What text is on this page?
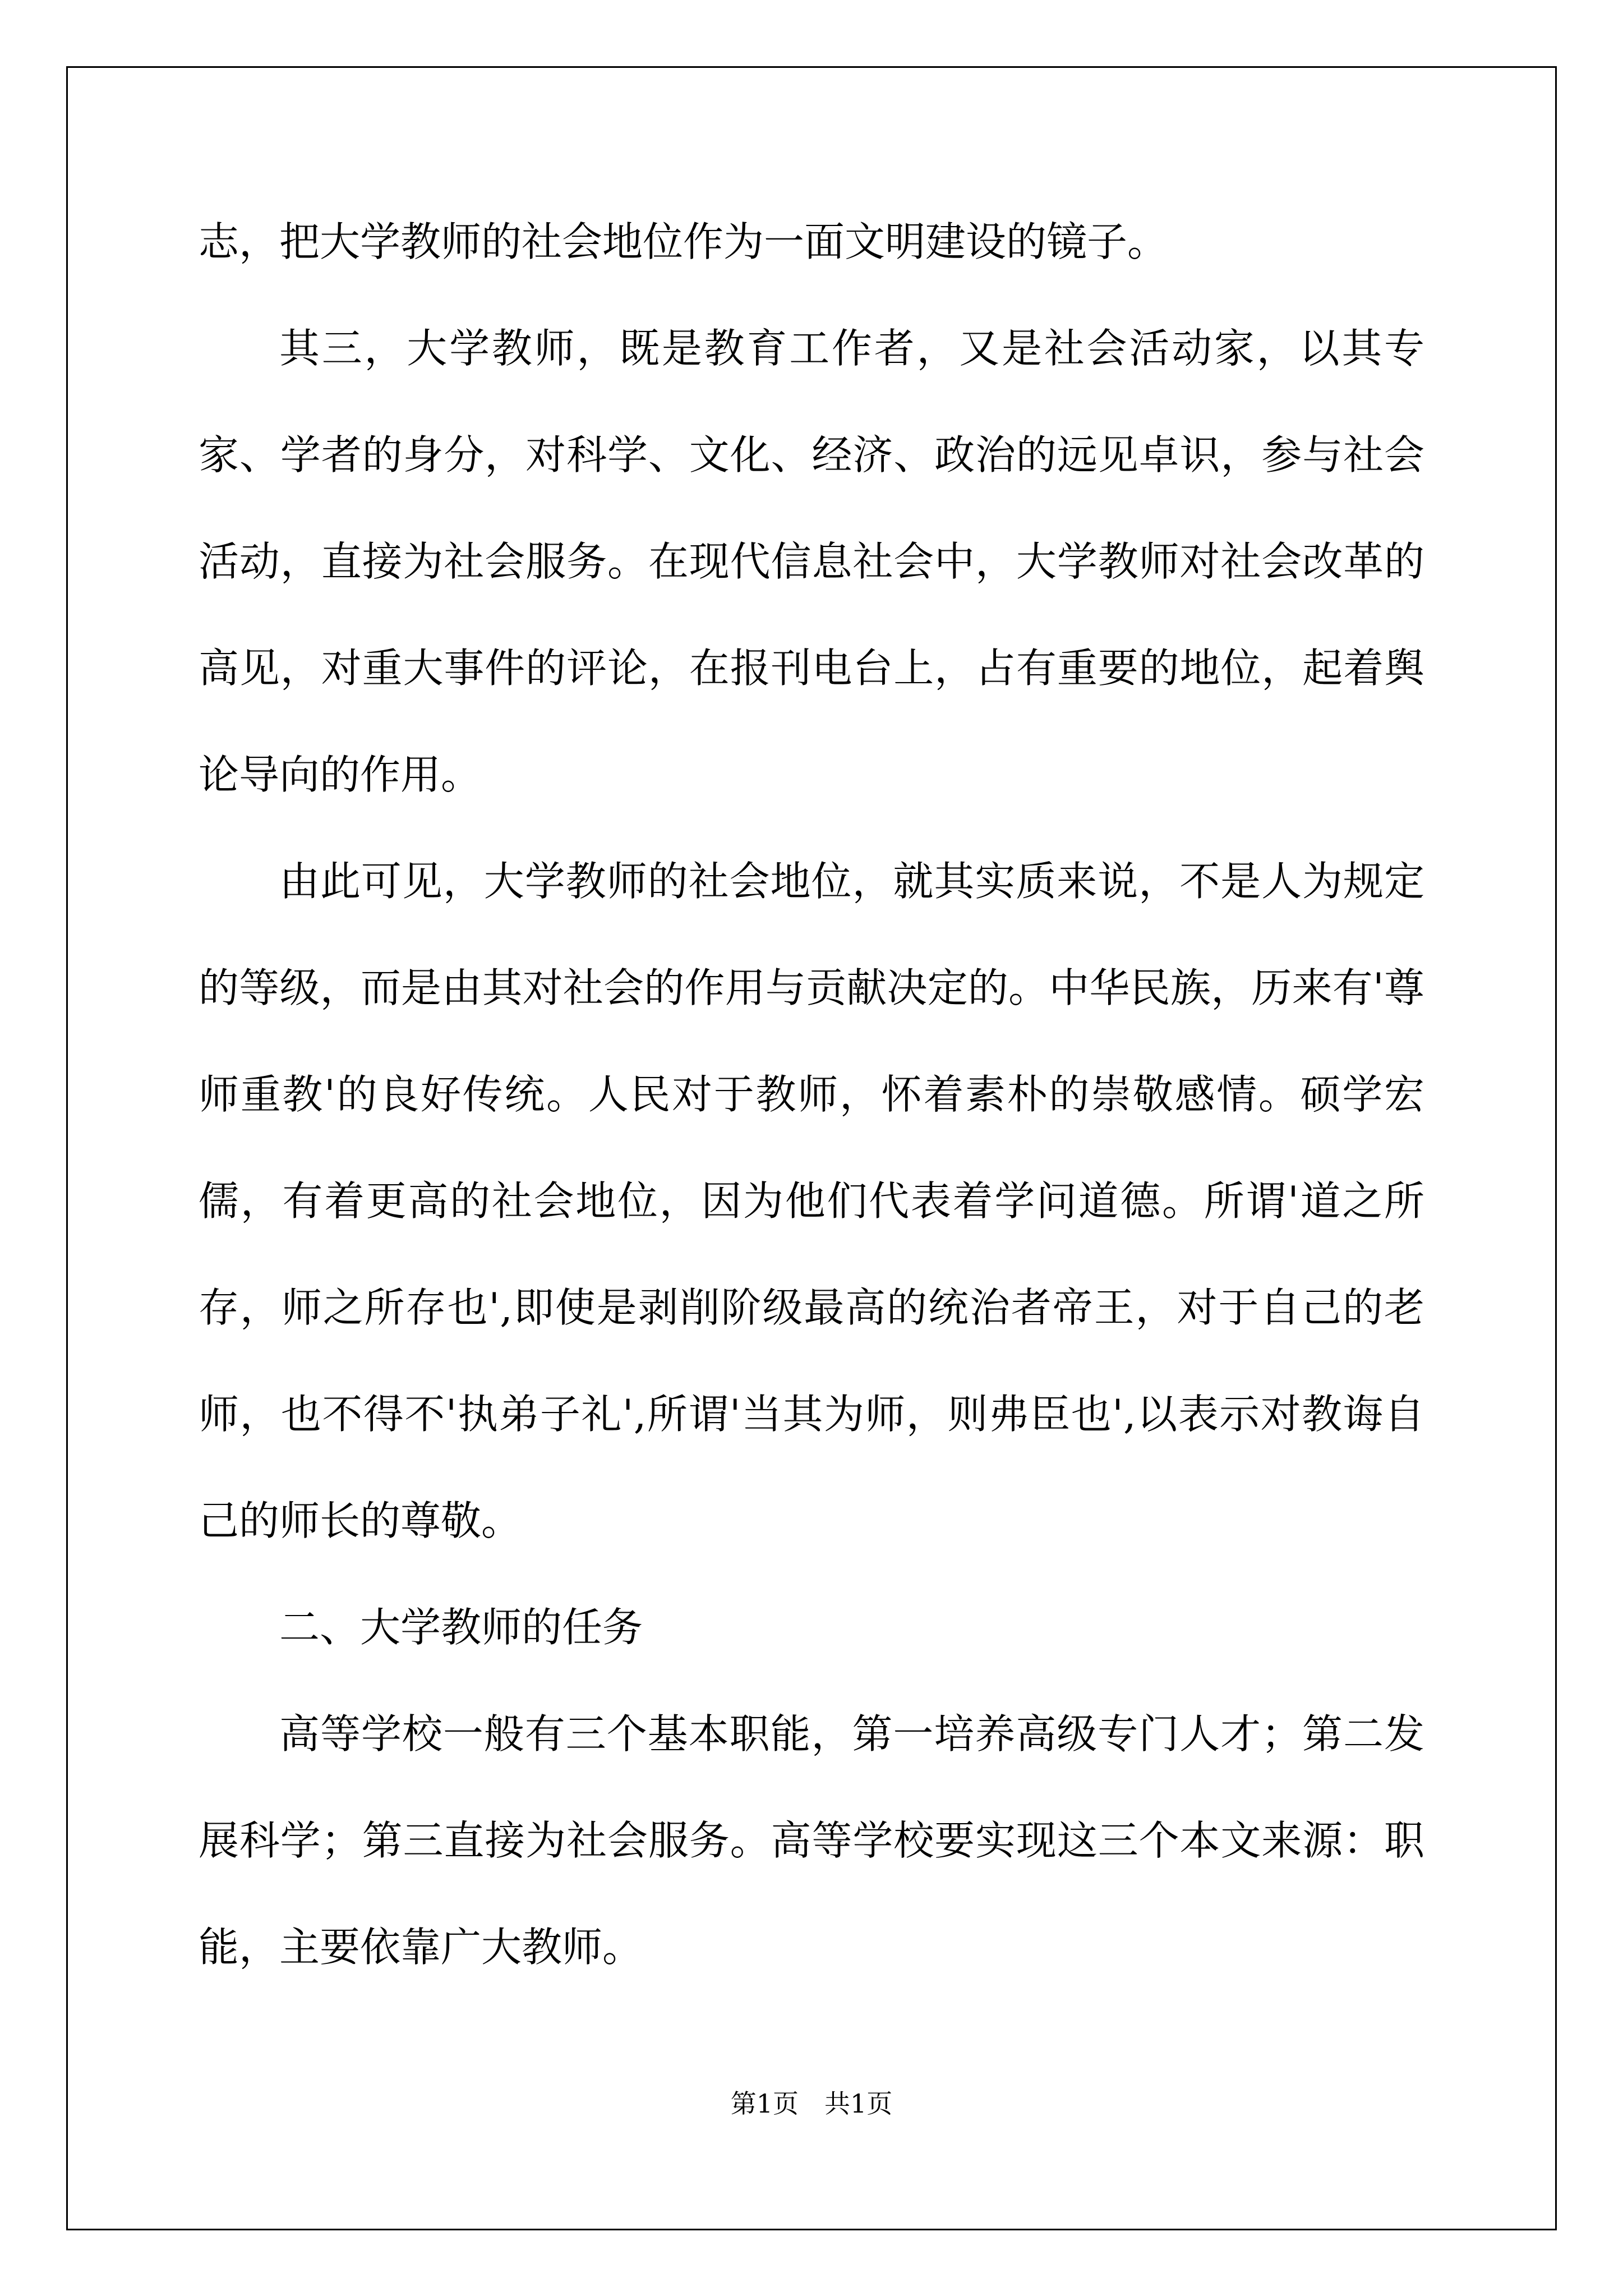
志，把大学教师的社会地位作为一面文明建设的镜子。

其三，大学教师，既是教育工作者，又是社会活动家，以其专家、学者的身分，对科学、文化、经济、政治的远见卓识，参与社会活动，直接为社会服务。在现代信息社会中，大学教师对社会改革的高见，对重大事件的评论，在报刊电台上，占有重要的地位，起着舆论导向的作用。

由此可见，大学教师的社会地位，就其实质来说，不是人为规定的等级，而是由其对社会的作用与贡献决定的。中华民族，历来有'尊师重教'的良好传统。人民对于教师，怀着素朴的崇敬感情。硕学宏儒，有着更高的社会地位，因为他们代表着学问道德。所谓'道之所存，师之所存也',即使是剥削阶级最高的统治者帝王，对于自己的老师，也不得不'执弟子礼',所谓'当其为师，则弗臣也',以表示对教诲自己的师长的尊敬。

二、大学教师的任务

高等学校一般有三个基本职能，第一培养高级专门人才；第二发展科学；第三直接为社会服务。高等学校要实现这三个本文来源：职能，主要依靠广大教师。

第1页　共1页
